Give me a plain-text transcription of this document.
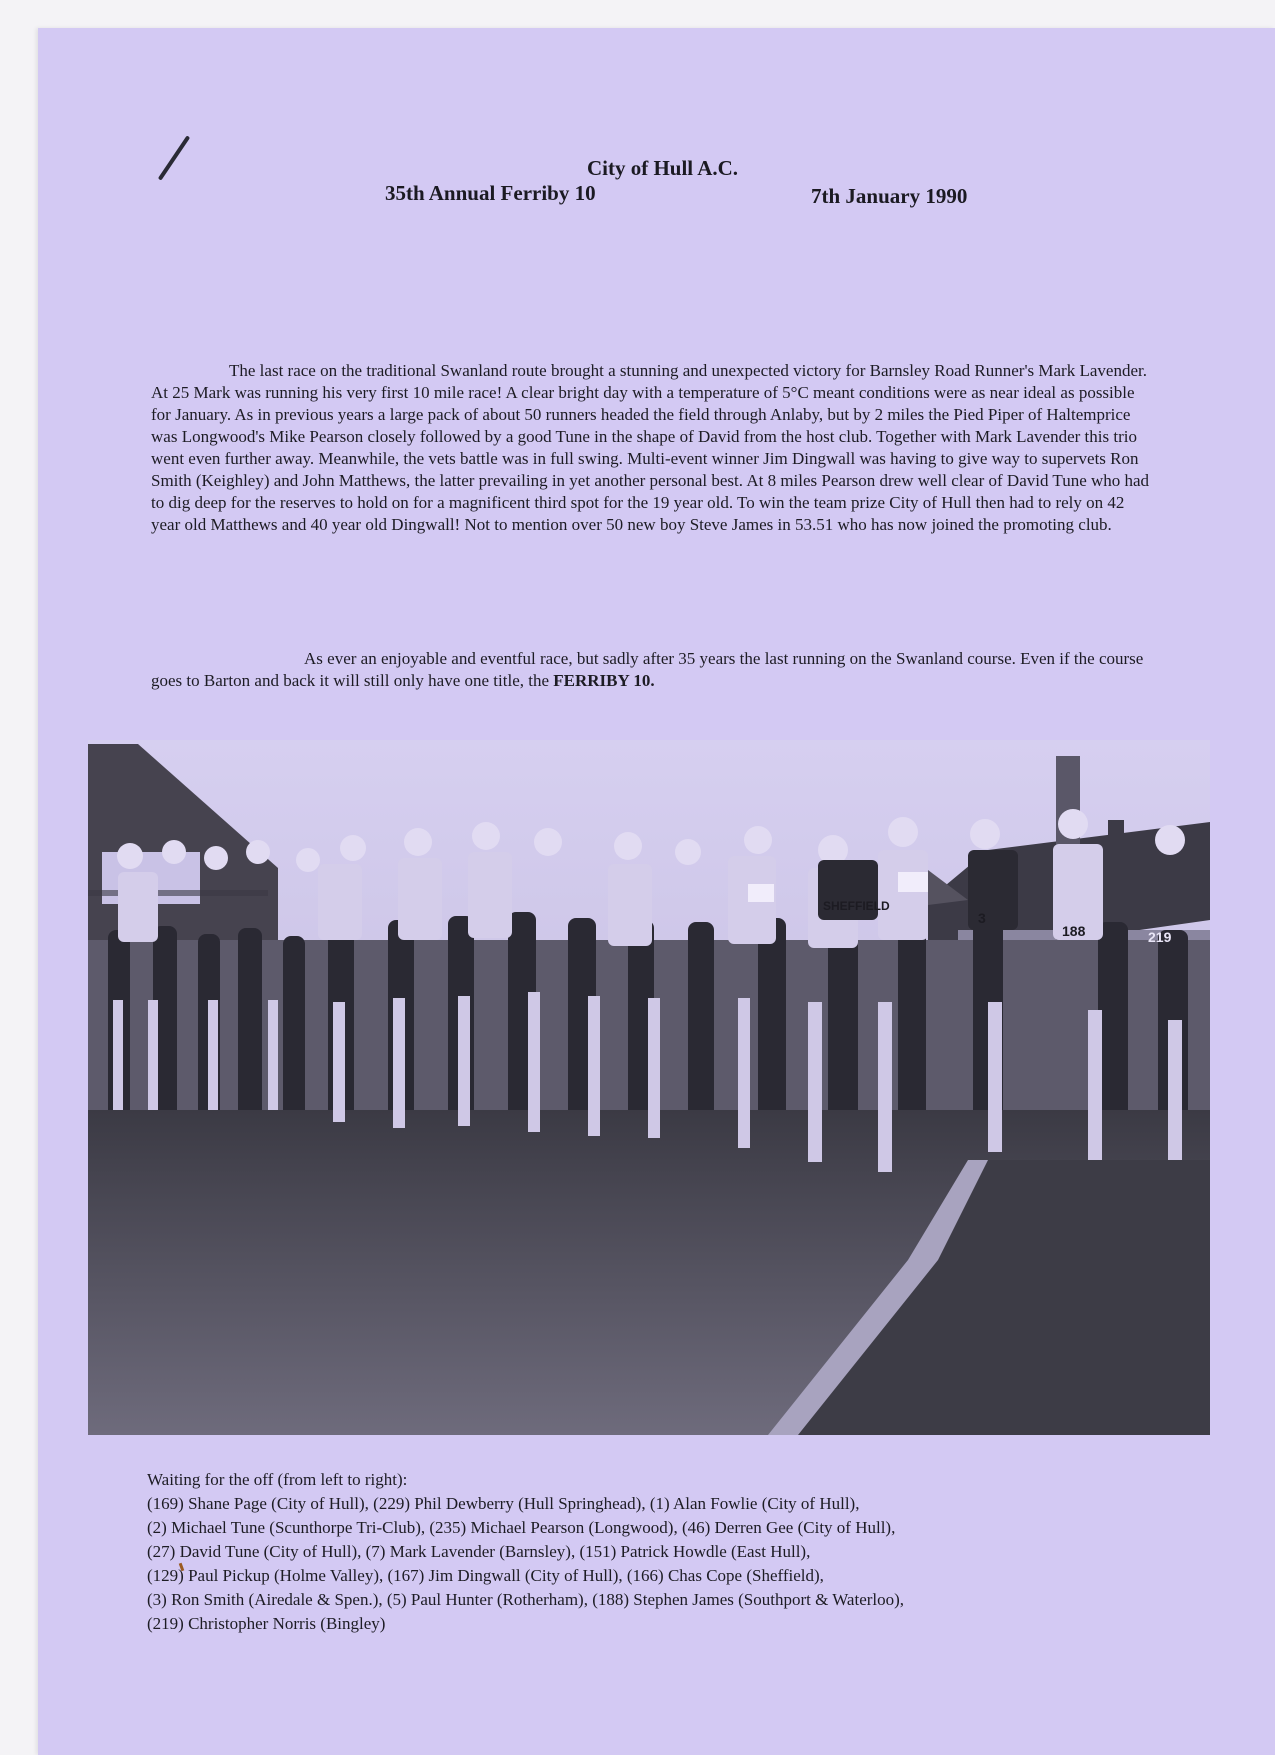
City of Hull A.C.
35th Annual Ferriby 10	7th January 1990
The last race on the traditional Swanland route brought a stunning and unexpected victory for Barnsley Road Runner's Mark Lavender. At 25 Mark was running his very first 10 mile race! A clear bright day with a temperature of 5°C meant conditions were as near ideal as possible for January. As in previous years a large pack of about 50 runners headed the field through Anlaby, but by 2 miles the Pied Piper of Haltemprice was Longwood's Mike Pearson closely followed by a good Tune in the shape of David from the host club. Together with Mark Lavender this trio went even further away. Meanwhile, the vets battle was in full swing. Multi-event winner Jim Dingwall was having to give way to supervets Ron Smith (Keighley) and John Matthews, the latter prevailing in yet another personal best. At 8 miles Pearson drew well clear of David Tune who had to dig deep for the reserves to hold on for a magnificent third spot for the 19 year old. To win the team prize City of Hull then had to rely on 42 year old Matthews and 40 year old Dingwall! Not to mention over 50 new boy Steve James in 53.51 who has now joined the promoting club.
As ever an enjoyable and eventful race, but sadly after 35 years the last running on the Swanland course. Even if the course goes to Barton and back it will still only have one title, the FERRIBY 10.
SHEFFIELD
3
188	219
Waiting for the off (from left to right):
(169) Shane Page (City of Hull), (229) Phil Dewberry (Hull Springhead), (1) Alan Fowlie (City of Hull),
(2) Michael Tune (Scunthorpe Tri-Club), (235) Michael Pearson (Longwood), (46) Derren Gee (City of Hull),
(27) David Tune (City of Hull), (7) Mark Lavender (Barnsley), (151) Patrick Howdle (East Hull),
(129) Paul Pickup (Holme Valley), (167) Jim Dingwall (City of Hull), (166) Chas Cope (Sheffield),
(3) Ron Smith (Airedale & Spen.), (5) Paul Hunter (Rotherham), (188) Stephen James (Southport & Waterloo),
(219) Christopher Norris (Bingley)
